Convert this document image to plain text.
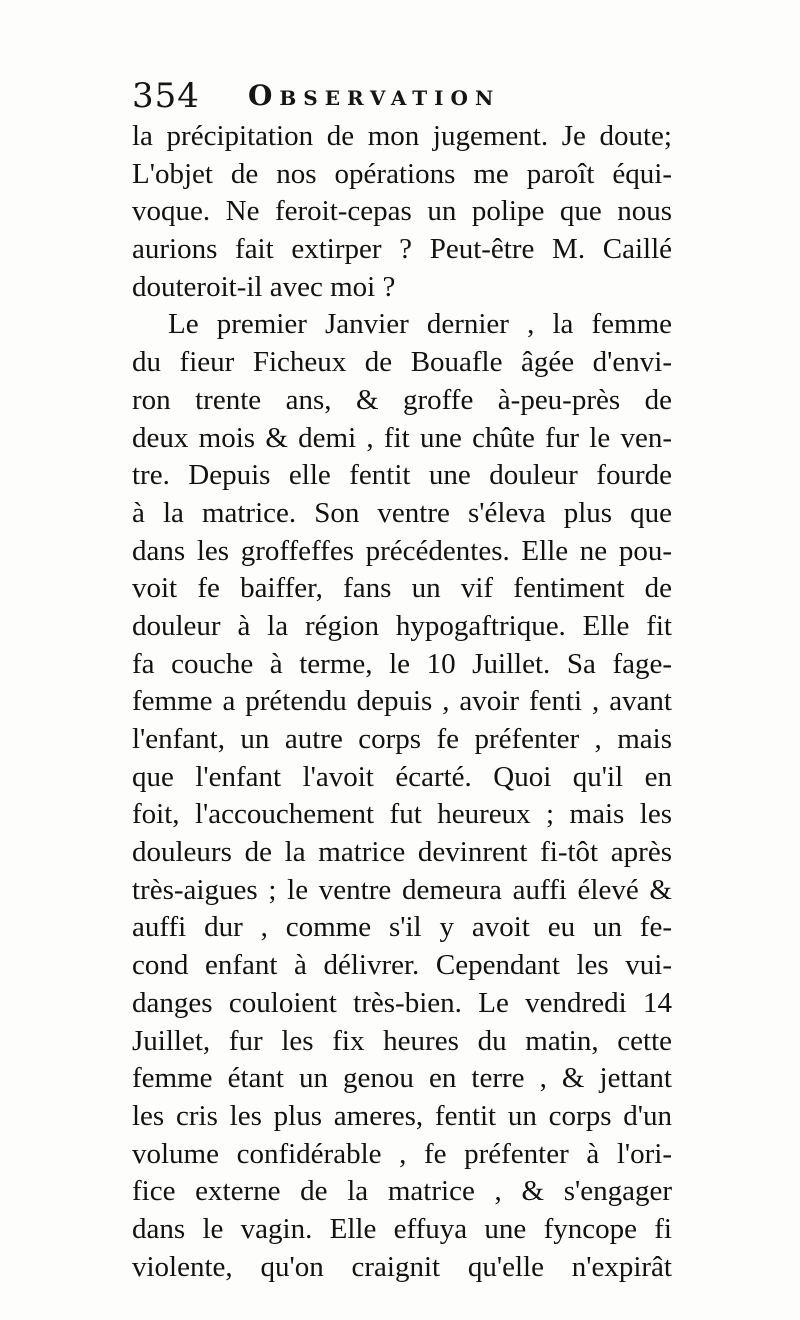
354 Observation
la précipitation de mon jugement. Je doute;
L'objet de nos opérations me paroît équi-
voque. Ne feroit-cepas un polipe que nous
aurions fait extirper ? Peut-être M. Caillé
douteroit-il avec moi ?
Le premier Janvier dernier , la femme
du fieur Ficheux de Bouafle âgée d'envi-
ron trente ans, & groffe à-peu-près de
deux mois & demi , fit une chûte fur le ven-
tre. Depuis elle fentit une douleur fourde
à la matrice. Son ventre s'éleva plus que
dans les groffeffes précédentes. Elle ne pou-
voit fe baiffer, fans un vif fentiment de
douleur à la région hypogaftrique. Elle fit
fa couche à terme, le 10 Juillet. Sa fage-
femme a prétendu depuis , avoir fenti , avant
l'enfant, un autre corps fe préfenter , mais
que l'enfant l'avoit écarté. Quoi qu'il en
foit, l'accouchement fut heureux ; mais les
douleurs de la matrice devinrent fi-tôt après
très-aigues ; le ventre demeura auffi élevé &
auffi dur , comme s'il y avoit eu un fe-
cond enfant à délivrer. Cependant les vui-
danges couloient très-bien. Le vendredi 14
Juillet, fur les fix heures du matin, cette
femme étant un genou en terre , & jettant
les cris les plus ameres, fentit un corps d'un
volume confidérable , fe préfenter à l'ori-
fice externe de la matrice , & s'engager
dans le vagin. Elle effuya une fyncope fi
violente, qu'on craignit qu'elle n'expirât
